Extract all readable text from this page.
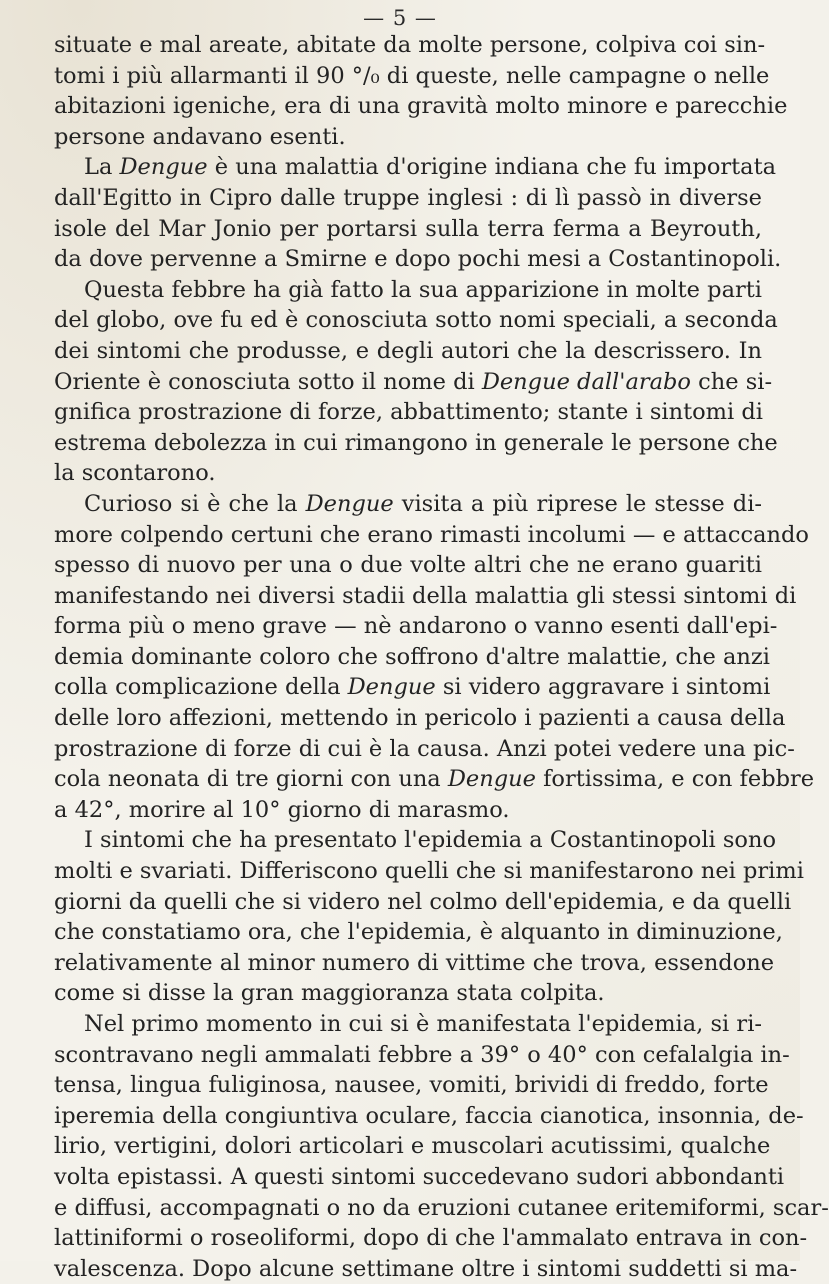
— 5 —
situate e mal areate, abitate da molte persone, colpiva coi sin-
tomi i più allarmanti il 90 °/₀ di queste, nelle campagne o nelle
abitazioni igeniche, era di una gravità molto minore e parecchie
persone andavano esenti.
La Dengue è una malattia d'origine indiana che fu importata
dall'Egitto in Cipro dalle truppe inglesi : di lì passò in diverse
isole del Mar Jonio per portarsi sulla terra ferma a Beyrouth,
da dove pervenne a Smirne e dopo pochi mesi a Costantinopoli.
Questa febbre ha già fatto la sua apparizione in molte parti
del globo, ove fu ed è conosciuta sotto nomi speciali, a seconda
dei sintomi che produsse, e degli autori che la descrissero. In
Oriente è conosciuta sotto il nome di Dengue dall'arabo che si-
gnifica prostrazione di forze, abbattimento; stante i sintomi di
estrema debolezza in cui rimangono in generale le persone che
la scontarono.
Curioso si è che la Dengue visita a più riprese le stesse di-
more colpendo certuni che erano rimasti incolumi — e attaccando
spesso di nuovo per una o due volte altri che ne erano guariti
manifestando nei diversi stadii della malattia gli stessi sintomi di
forma più o meno grave — nè andarono o vanno esenti dall'epi-
demia dominante coloro che soffrono d'altre malattie, che anzi
colla complicazione della Dengue si videro aggravare i sintomi
delle loro affezioni, mettendo in pericolo i pazienti a causa della
prostrazione di forze di cui è la causa. Anzi potei vedere una pic-
cola neonata di tre giorni con una Dengue fortissima, e con febbre
a 42°, morire al 10° giorno di marasmo.
I sintomi che ha presentato l'epidemia a Costantinopoli sono
molti e svariati. Differiscono quelli che si manifestarono nei primi
giorni da quelli che si videro nel colmo dell'epidemia, e da quelli
che constatiamo ora, che l'epidemia, è alquanto in diminuzione,
relativamente al minor numero di vittime che trova, essendone
come si disse la gran maggioranza stata colpita.
Nel primo momento in cui si è manifestata l'epidemia, si ri-
scontravano negli ammalati febbre a 39° o 40° con cefalalgia in-
tensa, lingua fuliginosa, nausee, vomiti, brividi di freddo, forte
iperemia della congiuntiva oculare, faccia cianotica, insonnia, de-
lirio, vertigini, dolori articolari e muscolari acutissimi, qualche
volta epistassi. A questi sintomi succedevano sudori abbondanti
e diffusi, accompagnati o no da eruzioni cutanee eritemiformi, scar-
lattiniformi o roseoliformi, dopo di che l'ammalato entrava in con-
valescenza. Dopo alcune settimane oltre i sintomi suddetti si ma-
